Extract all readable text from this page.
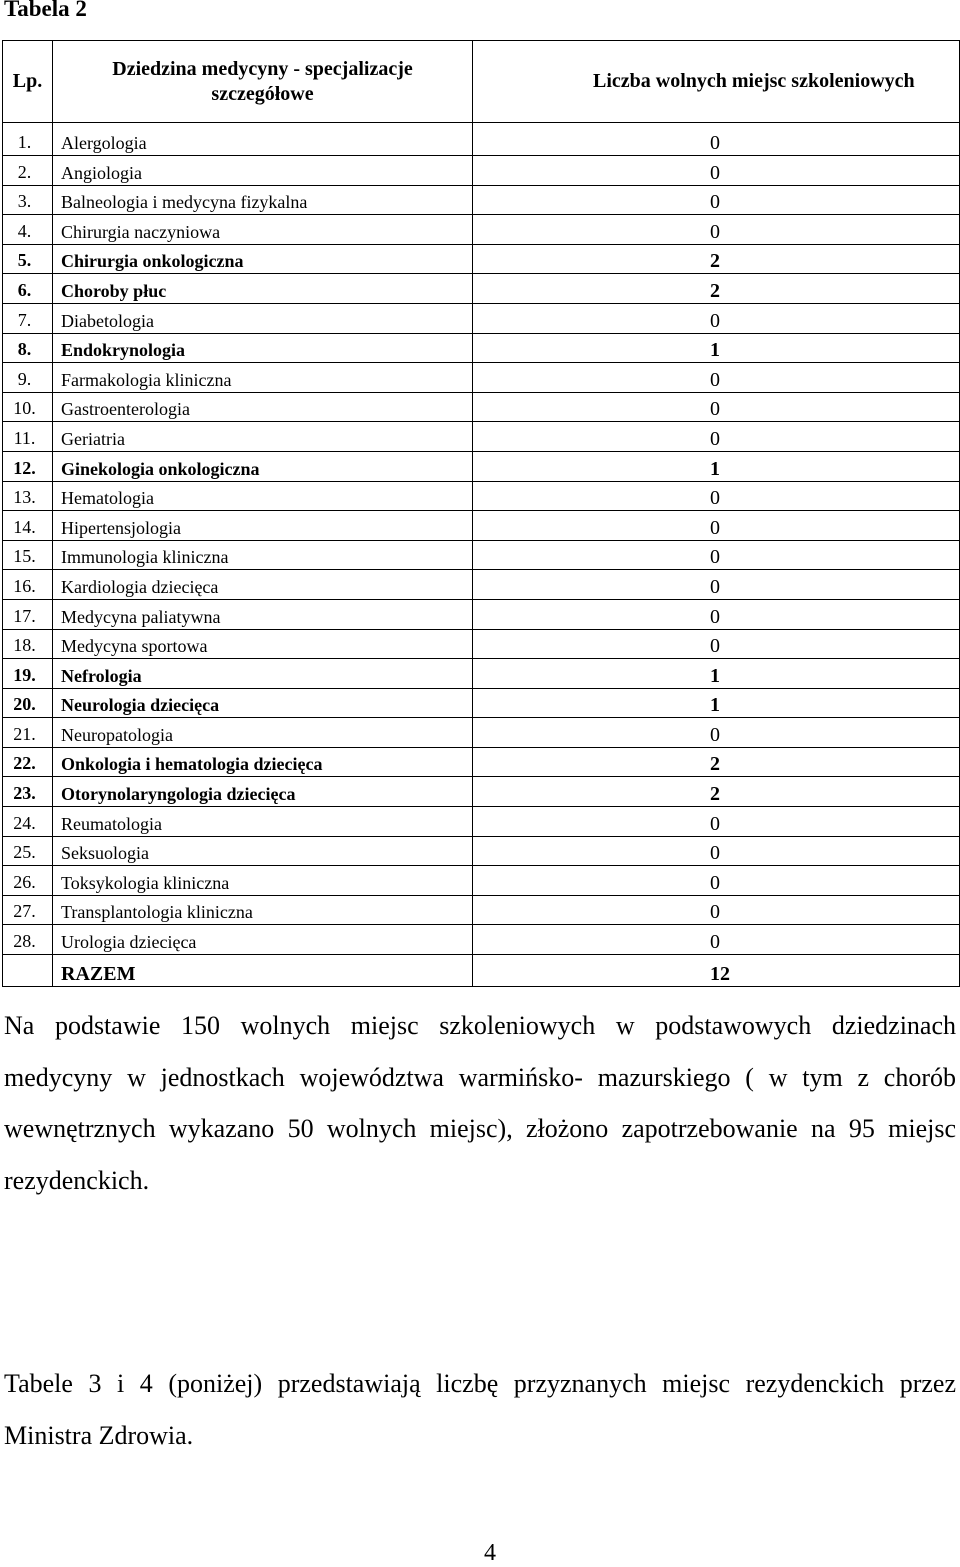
Tabela 2
Lp.	Dziedzina medycyny - specjalizacje szczegółowe	Liczba wolnych miejsc szkoleniowych
1.	Alergologia	0
2.	Angiologia	0
3.	Balneologia i medycyna fizykalna	0
4.	Chirurgia naczyniowa	0
5.	Chirurgia onkologiczna	2
6.	Choroby płuc	2
7.	Diabetologia	0
8.	Endokrynologia	1
9.	Farmakologia kliniczna	0
10.	Gastroenterologia	0
11.	Geriatria	0
12.	Ginekologia onkologiczna	1
13.	Hematologia	0
14.	Hipertensjologia	0
15.	Immunologia kliniczna	0
16.	Kardiologia dziecięca	0
17.	Medycyna paliatywna	0
18.	Medycyna sportowa	0
19.	Nefrologia	1
20.	Neurologia dziecięca	1
21.	Neuropatologia	0
22.	Onkologia i hematologia dziecięca	2
23.	Otorynolaryngologia dziecięca	2
24.	Reumatologia	0
25.	Seksuologia	0
26.	Toksykologia kliniczna	0
27.	Transplantologia kliniczna	0
28.	Urologia dziecięca	0
	RAZEM	12

Na podstawie 150 wolnych miejsc szkoleniowych w podstawowych dziedzinach medycyny w jednostkach województwa warmińsko- mazurskiego ( w tym z chorób wewnętrznych wykazano 50 wolnych miejsc), złożono zapotrzebowanie na 95 miejsc rezydenckich.

Tabele 3 i 4 (poniżej) przedstawiają liczbę przyznanych miejsc rezydenckich przez Ministra Zdrowia.

4
